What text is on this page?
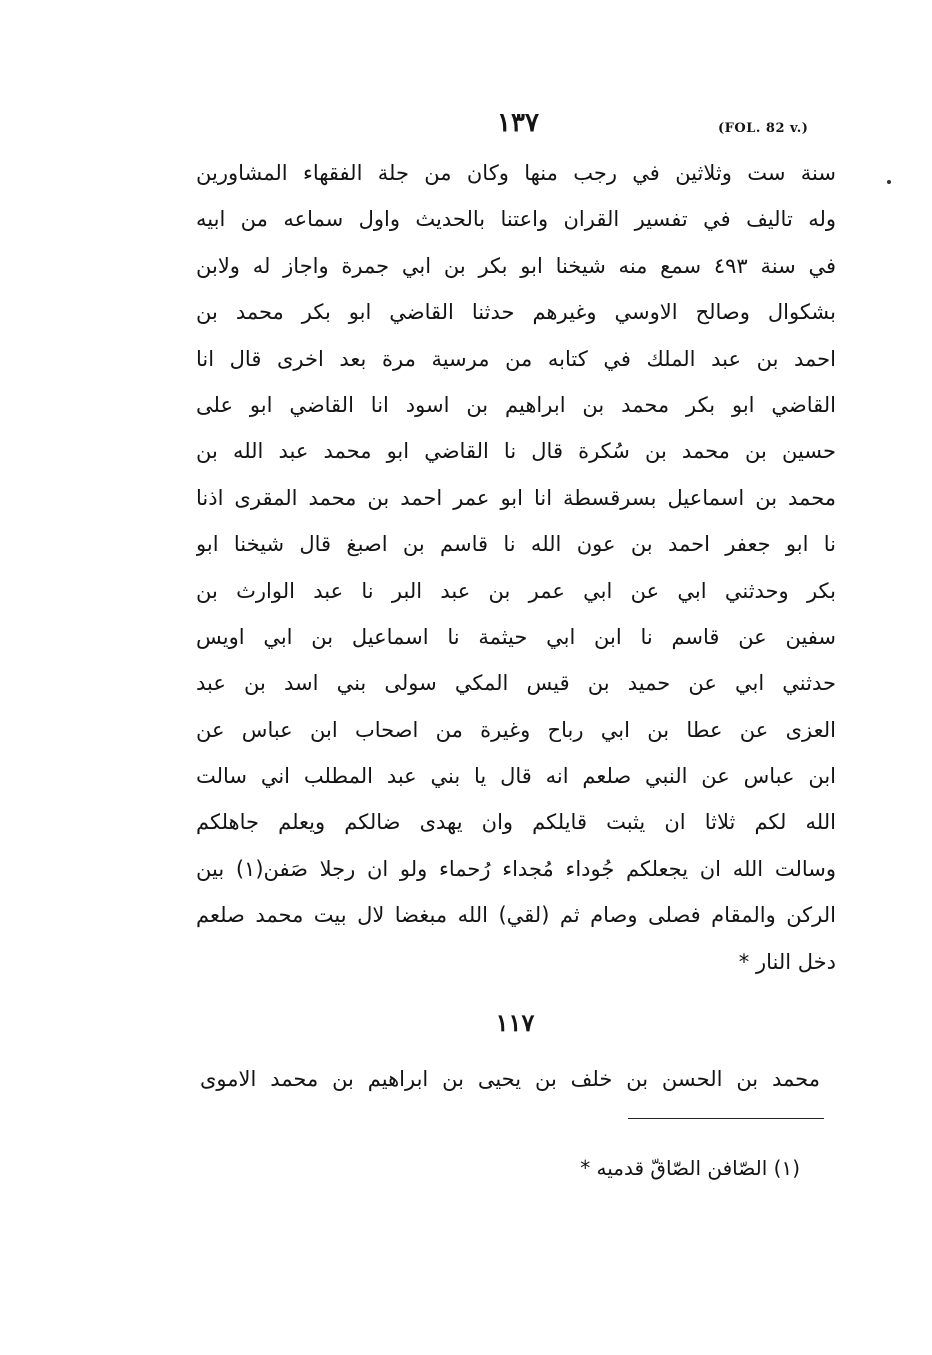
(FOL. 82 v.)
١٣٧
سنة ست وثلاثين في رجب منها وكان من جلة الفقهاء المشاورين
وله تاليف في تفسير القران واعتنا بالحديث واول سماعه من ابيه
في سنة ٤٩٣ سمع منه شيخنا ابو بكر بن ابي جمرة واجاز له ولابن
بشكوال وصالح الاوسي وغيرهم حدثنا القاضي ابو بكر محمد بن
احمد بن عبد الملك في كتابه من مرسية مرة بعد اخرى قال انا
القاضي ابو بكر محمد بن ابراهيم بن اسود انا القاضي ابو على
حسين بن محمد بن سُكرة قال نا القاضي ابو محمد عبد الله بن
محمد بن اسماعيل بسرقسطة انا ابو عمر احمد بن محمد المقرى اذنا
نا ابو جعفر احمد بن عون الله نا قاسم بن اصبغ قال شيخنا ابو
بكر وحدثني ابي عن ابي عمر بن عبد البر نا عبد الوارث بن
سفين عن قاسم نا ابن ابي حيثمة نا اسماعيل بن ابي اويس
حدثني ابي عن حميد بن قيس المكي سولى بني اسد بن عبد
العزى عن عطا بن ابي رباح وغيرة من اصحاب ابن عباس عن
ابن عباس عن النبي صلعم انه قال يا بني عبد المطلب اني سالت
الله لكم ثلاثا ان يثبت قايلكم وان يهدى ضالكم ويعلم جاهلكم
وسالت الله ان يجعلكم جُوداء مُجداء رُحماء ولو ان رجلا صَفن(١) بين
الركن والمقام فصلى وصام ثم (لقي) الله مبغضا لال بيت محمد صلعم
دخل النار *
١١٧
محمد بن الحسن بن خلف بن يحيى بن ابراهيم بن محمد الاموى
(١) الصّافن الصّاقّ قدميه *
